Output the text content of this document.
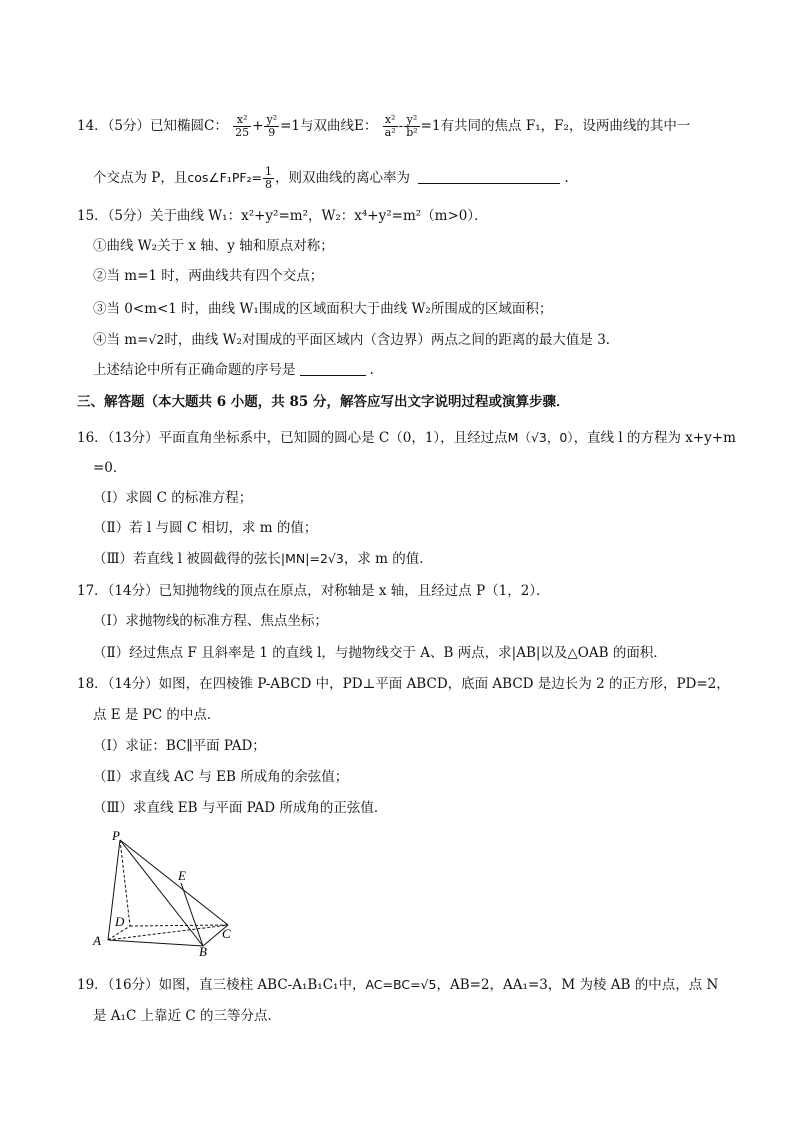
14．（5分）已知椭圆C： $\frac{\text{x²}}{25} + \frac{\text{y²}}{9} =1$与双曲线E： $\frac{\text{x²}}{\text{a²}} - \frac{\text{y²}}{\text{b²}} =1$有共同的焦点 F₁，F₂，设两曲线的其中一
个交点为 P，且cos∠F₁PF₂= $\frac{1}{8}$ ，则双曲线的离心率为	.
15．（5分）关于曲线 W₁：x²+y²=m²，W₂：x⁴+y²=m²（m>0）．
①曲线 W₂关于 x 轴、y 轴和原点对称；
②当 m=1 时，两曲线共有四个交点；
③当 0<m<1 时，曲线 W₁围成的区域面积大于曲线 W₂所围成的区域面积；
④当 m=√2时，曲线 W₂对围成的平面区域内（含边界）两点之间的距离的最大值是 3．
上述结论中所有正确命题的序号是	.
三、解答题（本大题共 6 小题，共 85 分，解答应写出文字说明过程或演算步骤．
16．（13分）平面直角坐标系中，已知圆的圆心是 C（0，1），且经过点M（√3，0），直线 l 的方程为 x+y+m
=0．
（Ⅰ）求圆 C 的标准方程；
（Ⅱ）若 l 与圆 C 相切，求 m 的值；
（Ⅲ）若直线 l 被圆截得的弦长|MN|=2√3，求 m 的值．
17．（14分）已知抛物线的顶点在原点，对称轴是 x 轴，且经过点 P（1，2）．
（Ⅰ）求抛物线的标准方程、焦点坐标；
（Ⅱ）经过焦点 F 且斜率是 1 的直线 l，与抛物线交于 A、B 两点，求|AB|以及△OAB 的面积．
18．（14分）如图，在四棱锥 P-ABCD 中，PD⊥平面 ABCD，底面 ABCD 是边长为 2 的正方形，PD=2，
点 E 是 PC 的中点．
（Ⅰ）求证：BC∥平面 PAD；
（Ⅱ）求直线 AC 与 EB 所成角的余弦值；
（Ⅲ）求直线 EB 与平面 PAD 所成角的正弦值．
P
E
D
A	C
B
19．（16分）如图，直三棱柱 ABC-A₁B₁C₁中，AC=BC=√5，AB=2，AA₁=3，M 为棱 AB 的中点，点 N
是 A₁C 上靠近 C 的三等分点．
